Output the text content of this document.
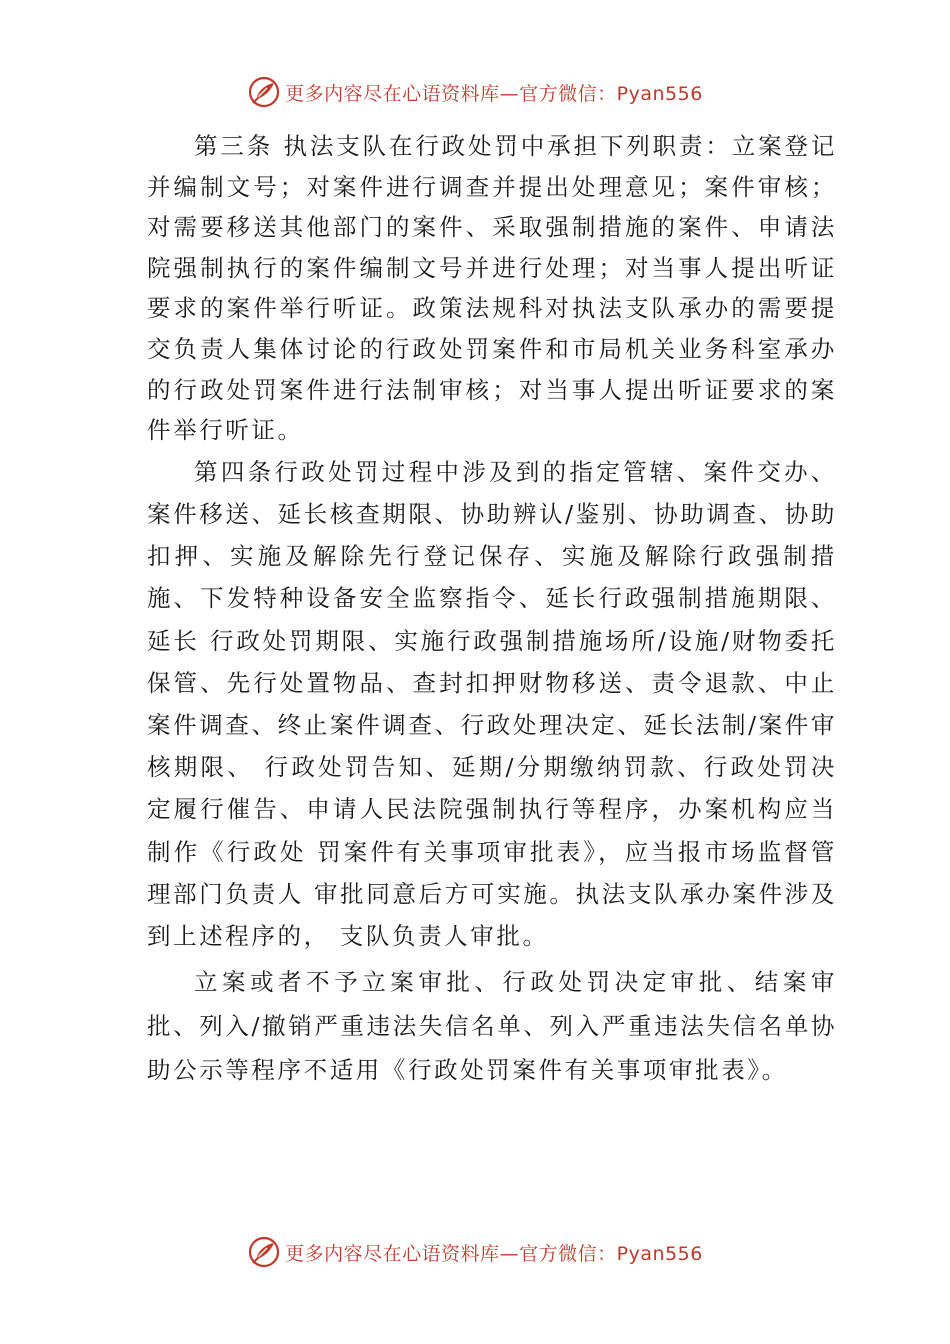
更多内容尽在心语资料库—官方微信：Pyan556

第三条 执法支队在行政处罚中承担下列职责：立案登记并编制文号；对案件进行调查并提出处理意见；案件审核； 对需要移送其他部门的案件、采取强制措施的案件、申请法院强制执行的案件编制文号并进行处理；对当事人提出听证要求的案件举行听证。政策法规科对执法支队承办的需要提交负责人集体讨论的行政处罚案件和市局机关业务科室承办的行政处罚案件进行法制审核；对当事人提出听证要求的案件举行听证。

第四条行政处罚过程中涉及到的指定管辖、案件交办、案件移送、延长核查期限、协助辨认/鉴别、协助调查、协助扣押、实施及解除先行登记保存、实施及解除行政强制措施、下发特种设备安全监察指令、延长行政强制措施期限、延长 行政处罚期限、实施行政强制措施场所/设施/财物委托保管、先行处置物品、查封扣押财物移送、责令退款、中止案件调查、终止案件调查、行政处理决定、延长法制/案件审核期限、 行政处罚告知、延期/分期缴纳罚款、行政处罚决定履行催告、申请人民法院强制执行等程序，办案机构应当制作《行政处 罚案件有关事项审批表》，应当报市场监督管理部门负责人 审批同意后方可实施。执法支队承办案件涉及到上述程序的， 支队负责人审批。

立案或者不予立案审批、行政处罚决定审批、结案审批、列入/撤销严重违法失信名单、列入严重违法失信名单协助公示等程序不适用《行政处罚案件有关事项审批表》。

更多内容尽在心语资料库—官方微信：Pyan556
